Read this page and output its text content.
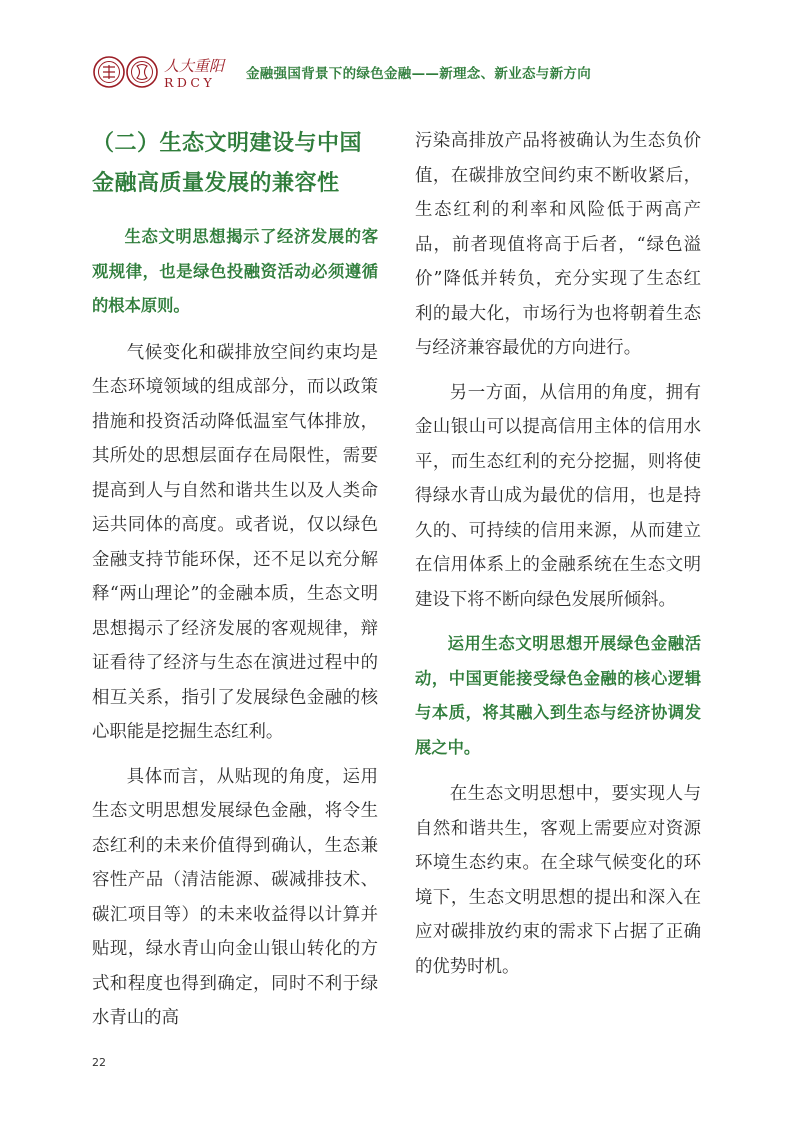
人大重阳
RDCY
金融强国背景下的绿色金融——新理念、新业态与新方向
（二）生态文明建设与中国金融高质量发展的兼容性

生态文明思想揭示了经济发展的客观规律，也是绿色投融资活动必须遵循的根本原则。

气候变化和碳排放空间约束均是生态环境领域的组成部分，而以政策措施和投资活动降低温室气体排放，其所处的思想层面存在局限性，需要提高到人与自然和谐共生以及人类命运共同体的高度。或者说，仅以绿色金融支持节能环保，还不足以充分解释“两山理论”的金融本质，生态文明思想揭示了经济发展的客观规律，辩证看待了经济与生态在演进过程中的相互关系，指引了发展绿色金融的核心职能是挖掘生态红利。

具体而言，从贴现的角度，运用生态文明思想发展绿色金融，将令生态红利的未来价值得到确认，生态兼容性产品（清洁能源、碳减排技术、碳汇项目等）的未来收益得以计算并贴现，绿水青山向金山银山转化的方式和程度也得到确定，同时不利于绿水青山的高

污染高排放产品将被确认为生态负价值，在碳排放空间约束不断收紧后，生态红利的利率和风险低于两高产品，前者现值将高于后者，“绿色溢价”降低并转负，充分实现了生态红利的最大化，市场行为也将朝着生态与经济兼容最优的方向进行。

另一方面，从信用的角度，拥有金山银山可以提高信用主体的信用水平，而生态红利的充分挖掘，则将使得绿水青山成为最优的信用，也是持久的、可持续的信用来源，从而建立在信用体系上的金融系统在生态文明建设下将不断向绿色发展所倾斜。

运用生态文明思想开展绿色金融活动，中国更能接受绿色金融的核心逻辑与本质，将其融入到生态与经济协调发展之中。

在生态文明思想中，要实现人与自然和谐共生，客观上需要应对资源环境生态约束。在全球气候变化的环境下，生态文明思想的提出和深入在应对碳排放约束的需求下占据了正确的优势时机。

22
